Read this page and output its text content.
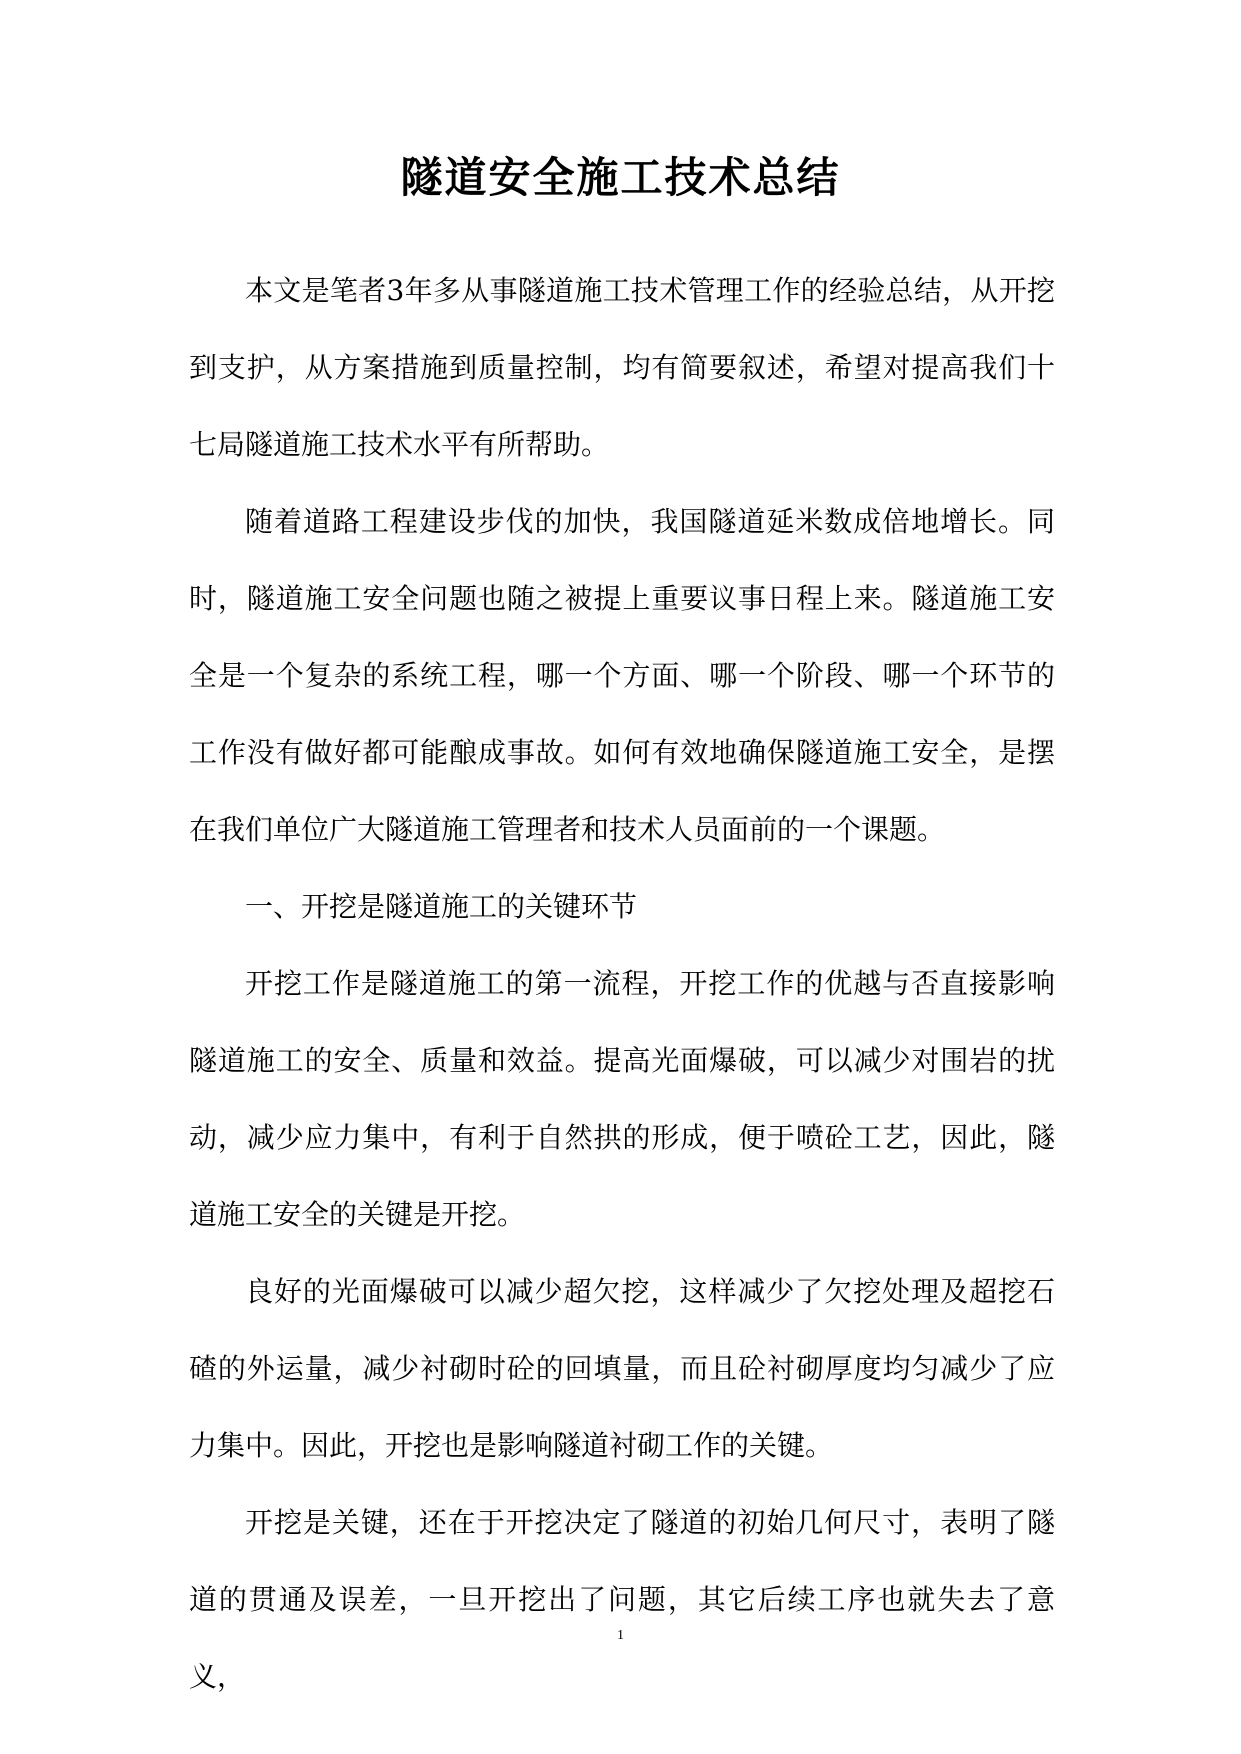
隧道安全施工技术总结

本文是笔者3年多从事隧道施工技术管理工作的经验总结，从开挖到支护，从方案措施到质量控制，均有简要叙述，希望对提高我们十七局隧道施工技术水平有所帮助。

随着道路工程建设步伐的加快，我国隧道延米数成倍地增长。同时，隧道施工安全问题也随之被提上重要议事日程上来。隧道施工安全是一个复杂的系统工程，哪一个方面、哪一个阶段、哪一个环节的工作没有做好都可能酿成事故。如何有效地确保隧道施工安全，是摆在我们单位广大隧道施工管理者和技术人员面前的一个课题。

一、开挖是隧道施工的关键环节

开挖工作是隧道施工的第一流程，开挖工作的优越与否直接影响隧道施工的安全、质量和效益。提高光面爆破，可以减少对围岩的扰动，减少应力集中，有利于自然拱的形成，便于喷砼工艺，因此，隧道施工安全的关键是开挖。

良好的光面爆破可以减少超欠挖，这样减少了欠挖处理及超挖石碴的外运量，减少衬砌时砼的回填量，而且砼衬砌厚度均匀减少了应力集中。因此，开挖也是影响隧道衬砌工作的关键。

开挖是关键，还在于开挖决定了隧道的初始几何尺寸，表明了隧道的贯通及误差，一旦开挖出了问题，其它后续工序也就失去了意义，

1
